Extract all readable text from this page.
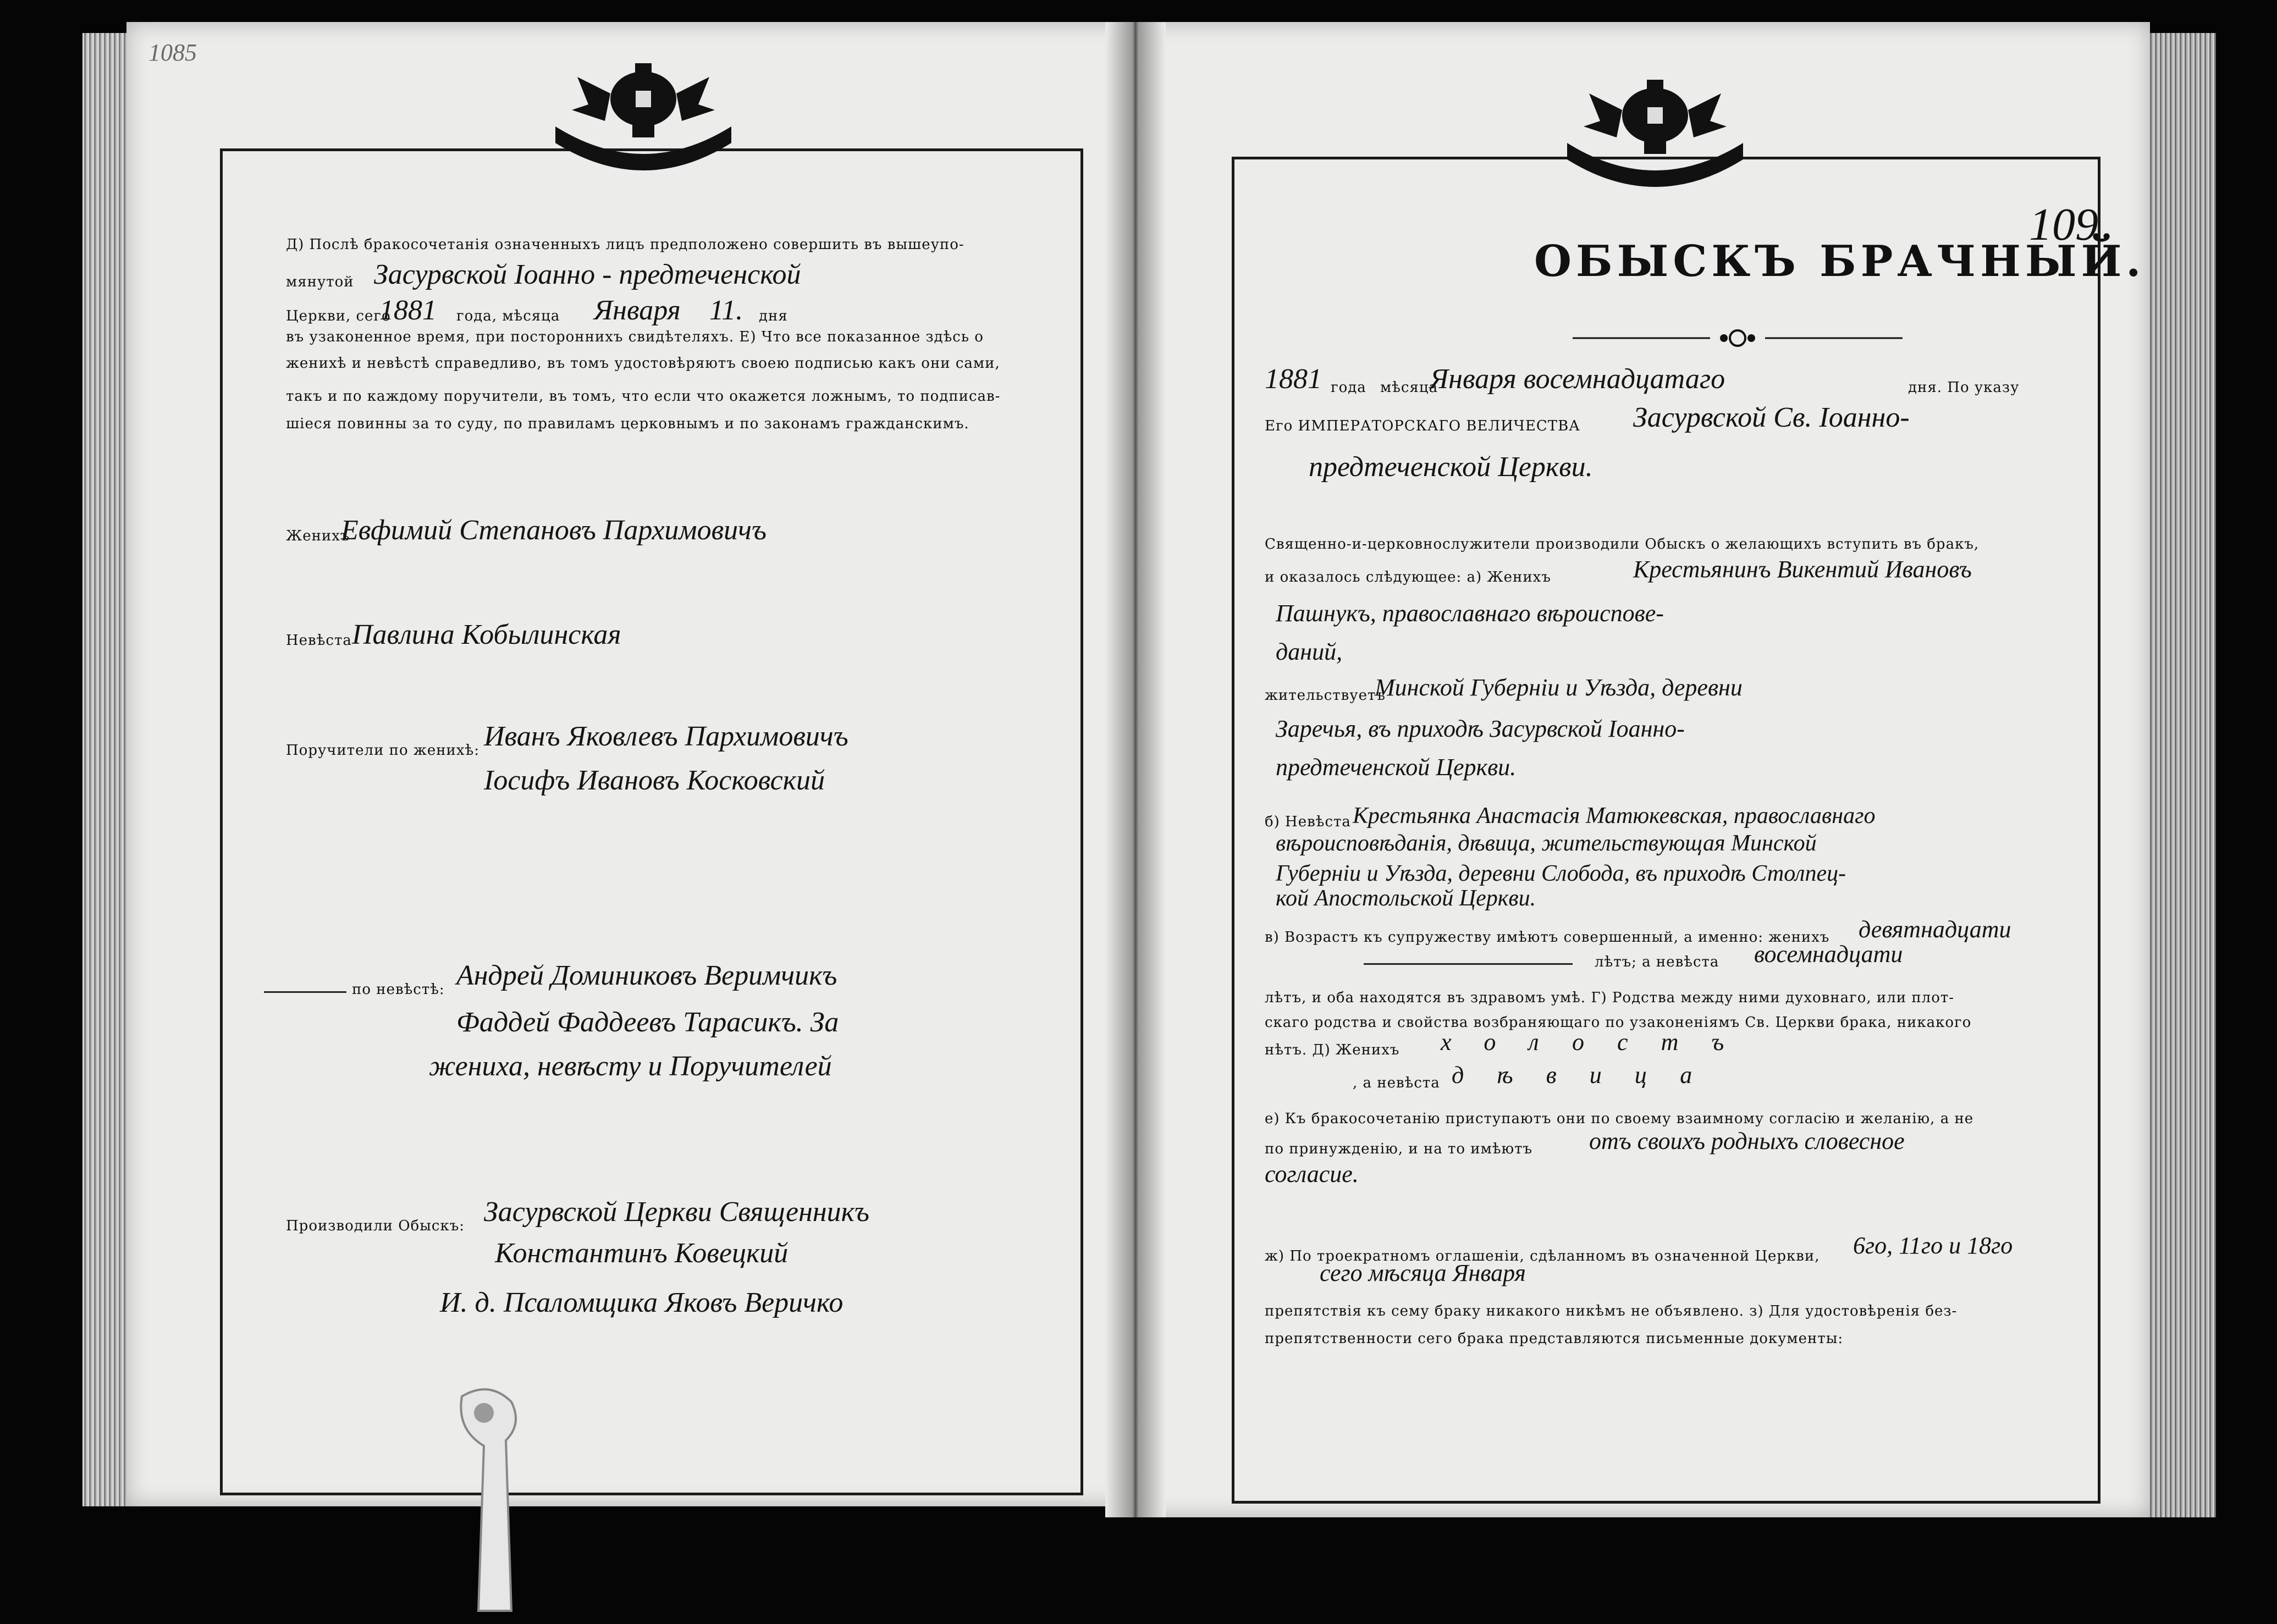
1085
Д) Послѣ бракосочетанія означенныхъ лицъ предположено совершить въ вышеупо-
мянутой Засурвской Іоанно - предтеченской
Церкви, сего
1881 года, мѣсяца Января 11. дня
въ узаконенное время, при постороннихъ свидѣтеляхъ. Е) Что все показанное здѣсь о
женихѣ и невѣстѣ справедливо, въ томъ удостовѣряютъ своею подписью какъ они сами,
такъ и по каждому поручители, въ томъ, что если что окажется ложнымъ, то подписав-
шіеся повинны за то суду, по правиламъ церковнымъ и по законамъ гражданскимъ.
Женихъ
Евфимий Степановъ Пархимовичъ
Невѣста Павлина Кобылинская
Поручители по женихѣ: Иванъ Яковлевъ Пархимовичъ
Іосифъ Ивановъ Косковский
по невѣстѣ: Андрей Доминиковъ Веримчикъ
Фаддей Фаддеевъ Тарасикъ. За
жениха, невѣсту и Поручителей
Производили Обыскъ: Засурвской Церкви Священникъ
Константинъ Ковецкий
И. д. Псаломщика Яковъ Веричко
109
ОБЫСКЪ БРАЧНЫЙ.
1881 года мѣсяца
Января восемнадцатаго	дня. По указу
Его ИМПЕРАТОРСКАГО ВЕЛИЧЕСТВА Засурвской Св. Іоанно-
предтеченской Церкви.
Священно-и-церковнослужители производили Обыскъ о желающихъ вступить въ бракъ,
и оказалось слѣдующее: а) Женихъ	Крестьянинъ Викентий Ивановъ
Пашнукъ, православнаго вѣроиспове-
даний,
жительствуетъ
Минской Губерніи и Уѣзда, деревни
Заречья, въ приходѣ Засурвской Іоанно-
предтеченской Церкви.
б) Невѣста Крестьянка Анастасія Матюкевская, православнаго
вѣроисповѣданія, дѣвица, жительствующая Минской
Губерніи и Уѣзда, деревни Слобода, въ приходѣ Столпец-
кой Апостольской Церкви.
в) Возрастъ къ супружеству имѣютъ совершенный, а именно: женихъ девятнадцати
лѣтъ; а невѣста восемнадцати
лѣтъ, и оба находятся въ здравомъ умѣ. Г) Родства между ними духовнаго, или плот-
скаго родства и свойства возбраняющаго по узаконеніямъ Св. Церкви брака, никакого
нѣтъ. Д) Женихъ холостъ
, а невѣста дѣвица
е) Къ бракосочетанію приступаютъ они по своему взаимному согласію и желанію, а не
по принужденію, и на то имѣютъ отъ своихъ родныхъ словесное
согласие.
ж) По троекратномъ оглашеніи, сдѣланномъ въ означенной Церкви, 6го, 11го и 18го
сего мѣсяца Января
препятствія къ сему браку никакого никѣмъ не объявлено. з) Для удостовѣренія без-
препятственности сего брака представляются письменные документы:
